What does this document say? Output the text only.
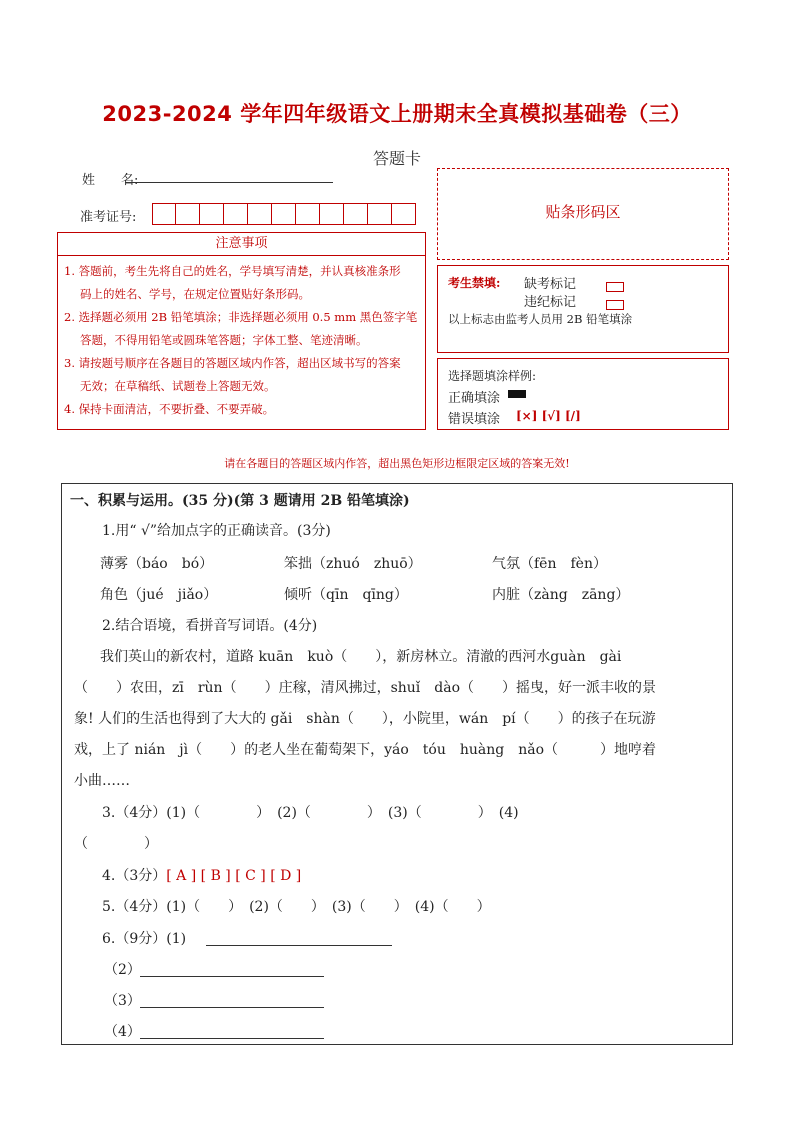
2023-2024 学年四年级语文上册期末全真模拟基础卷（三）
答题卡
姓　　名:
准考证号:
注意事项

1. 答题前，考生先将自己的姓名，学号填写清楚，并认真核准条形

码上的姓名、学号，在规定位置贴好条形码。

2. 选择题必须用 2B 铅笔填涂；非选择题必须用 0.5 mm 黑色签字笔

答题，不得用铅笔或圆珠笔答题；字体工整、笔迹清晰。

3. 请按题号顺序在各题目的答题区域内作答，超出区域书写的答案

无效；在草稿纸、试题卷上答题无效。

4. 保持卡面清洁，不要折叠、不要弄破。

贴条形码区
考生禁填: 缺考标记
违纪标记
以上标志由监考人员用 2B 铅笔填涂
选择题填涂样例:
正确填涂
错误填涂 [×] [√] [/]
请在各题目的答题区域内作答，超出黑色矩形边框限定区域的答案无效!
一、积累与运用。(35 分)(第 3 题请用 2B 铅笔填涂)
1.用“ √”给加点字的正确读音。(3分)
薄雾（báo　bó）	笨拙（zhuó　zhuō）	气氛（fēn　fèn）
角色（jué　jiǎo）	倾听（qīn　qīng）	内脏（zàng　zāng）
2.结合语境，看拼音写词语。(4分)
我们英山的新农村，道路 kuān　kuò（　　），新房林立。清澈的西河水guàn　gài
（　　）农田，zī　rùn（　　）庄稼，清风拂过，shuǐ　dào（　　）摇曳，好一派丰收的景
象! 人们的生活也得到了大大的 gǎi　shàn（　　），小院里，wán　pí（　　）的孩子在玩游
戏，上了 nián　jì（　　）的老人坐在葡萄架下，yáo　tóu　huàng　nǎo（　　　）地哼着
小曲……
3.（4分）(1)（　　　　）　(2)（　　　　）　(3)（　　　　）　(4)
（　　　　）
4.（3分）[ A ] [ B ] [ C ] [ D ]
5.（4分）(1)（　　）　(2)（　　）　(3)（　　）　(4)（　　）
6.（9分）(1)
（2）
（3）
（4）
